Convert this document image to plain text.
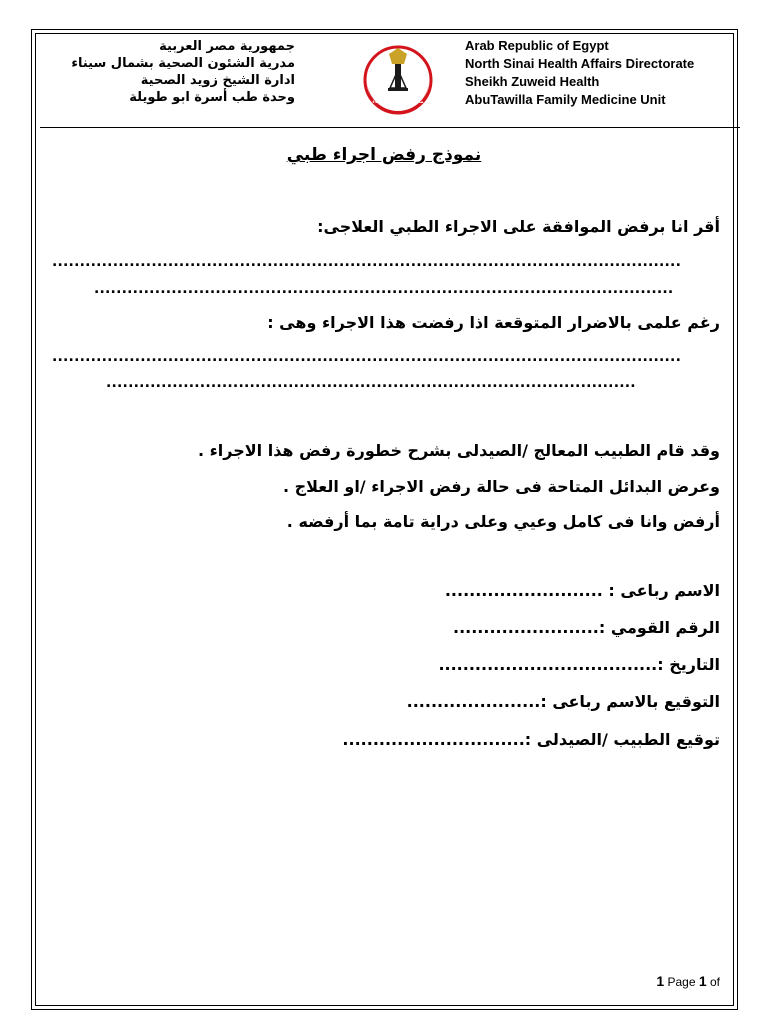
جمهورية مصر العربية
مدرية الشئون الصحية بشمال سيناء
ادارة الشيخ زويد الصحية
وحدة طب أسرة ابو طويلة	محافظة شمال سيناء
Arab Republic of Egypt
North Sinai Health Affairs Directorate
Sheikh Zuweid Health
AbuTawilla Family Medicine Unit
نموذج رفض اجراء طبي
أقر انا برفض الموافقة على الاجراء الطبي العلاجى:
..................................................................................................................
.........................................................................................................
رغم علمى بالاضرار المتوقعة اذا رفضت هذا الاجراء وهى :
..................................................................................................................
................................................................................................
وقد قام الطبيب المعالج /الصيدلى بشرح خطورة رفض هذا الاجراء .
وعرض البدائل المتاحة فى حالة رفض الاجراء /او العلاج .
أرفض وانا فى كامل وعيي وعلى دراية تامة بما أرفضه .
الاسم رباعى : ..........................
الرقم القومي :........................
التاريخ :....................................
التوقيع بالاسم رباعى :......................
توقيع الطبيب /الصيدلى :..............................
1 Page 1 of
